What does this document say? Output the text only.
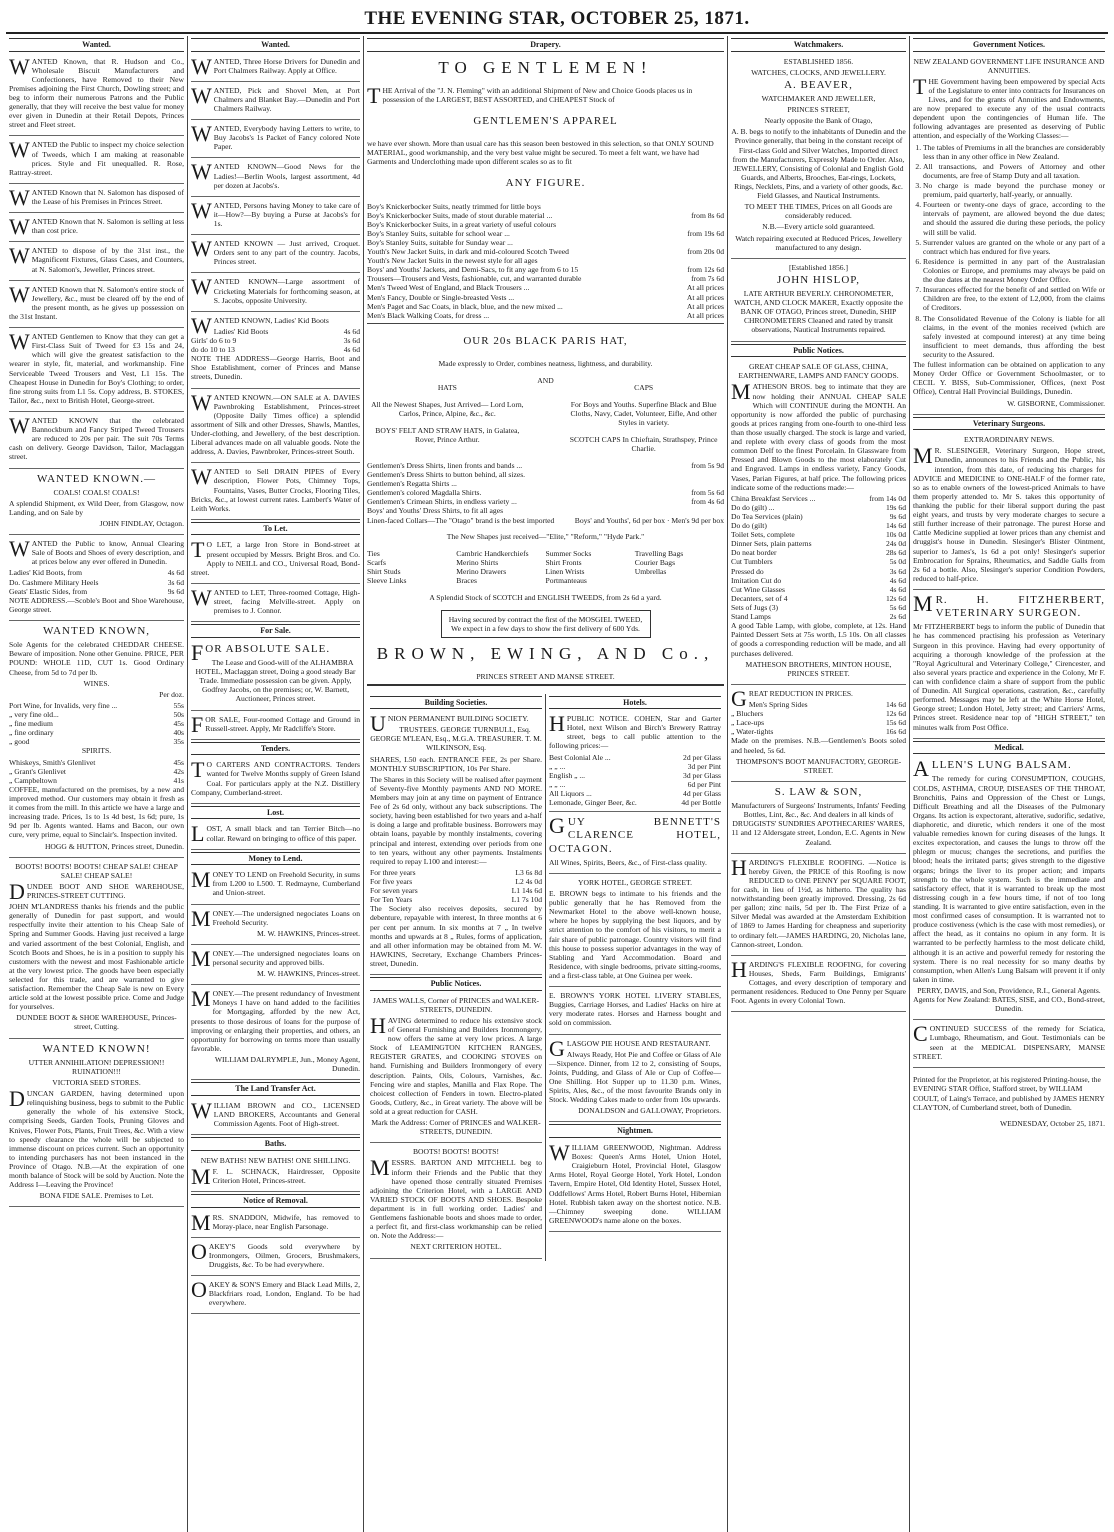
THE EVENING STAR, OCTOBER 25, 1871.
Wanted.

WANTED Known, that R. Hudson and Co., Wholesale Biscuit Manufacturers and Confectioners, have Removed to their New Premises adjoining the First Church, Dowling street; and beg to inform their numerous Patrons and the Public generally, that they will receive the best value for money ever given in Dunedin at their Retail Depots, Princes street and Fleet street.

WANTED the Public to inspect my choice selection of Tweeds, which I am making at reasonable prices. Style and Fit unequalled. R. Rose, Rattray-street.

WANTED Known that N. Salomon has disposed of the Lease of his Premises in Princes Street.

WANTED Known that N. Salomon is selling at less than cost price.

WANTED to dispose of by the 31st inst., the Magnificent Fixtures, Glass Cases, and Counters, at N. Salomon's, Jeweller, Princes street.

WANTED Known that N. Salomon's entire stock of Jewellery, &c., must be cleared off by the end of the present month, as he gives up possession on the 31st Instant.

WANTED Gentlemen to Know that they can get a First-Class Suit of Tweed for £3 15s and 24, which will give the greatest satisfaction to the wearer in style, fit, material, and workmanship. Fine Serviceable Tweed Trousers and Vest, L1 15s. The Cheapest House in Dunedin for Boy's Clothing; to order, fine strong suits from L1 5s. Copy address, B. STOKES, Tailor, &c., next to British Hotel, George-street.

WANTED KNOWN that the celebrated Bannockburn and Fancy Striped Tweed Trousers are reduced to 20s per pair. The suit 70s Terms cash on delivery. George Davidson, Tailor, Maclaggan street.

WANTED KNOWN.—

COALS! COALS! COALS!

A splendid Shipment, ex Wild Deer, from Glasgow, now Landing, and on Sale by

JOHN FINDLAY, Octagon.

WANTED the Public to know, Annual Clearing Sale of Boots and Shoes of every description, and at prices below any ever offered in Dunedin.

Ladies' Kid Boots, from	4s 6d
Do. Cashmere Military Heels	3s 6d
Geats' Elastic Sides, from	9s 6d

NOTE ADDRESS.—Scoble's Boot and Shoe Warehouse, George street.

WANTED KNOWN,

Sole Agents for the celebrated CHEDDAR CHEESE. Beware of imposition. None other Genuine. PRICE, PER POUND: WHOLE 11D, CUT 1s. Good Ordinary Cheese, from 5d to 7d per lb.

WINES.

Per doz.

Port Wine, for Invalids, very fine ...	55s
„ very fine old...	50s
„ fine medium	45s
„ fine ordinary	40s
„ good	35s

SPIRITS.

Whiskeys, Smith's Glenlivet	45s
„ Grant's Glenlivet	42s
„ Campbeltown	41s

COFFEE, manufactured on the premises, by a new and improved method. Our customers may obtain it fresh as it comes from the mill. In this article we have a large and increasing trade. Prices, 1s to 1s 4d best, 1s 6d; pure, 1s 9d per lb. Agents wanted. Hams and Bacon, our own cure, very prime, equal to Sinclair's. Inspection invited.

HOGG & HUTTON, Princes street, Dunedin.

BOOTS! BOOTS! BOOTS! CHEAP SALE! CHEAP SALE! CHEAP SALE!

DUNDEE BOOT AND SHOE WAREHOUSE, PRINCES-STREET CUTTING.

JOHN M'LANDRESS thanks his friends and the public generally of Dunedin for past support, and would respectfully invite their attention to his Cheap Sale of Spring and Summer Goods. Having just received a large and varied assortment of the best Colonial, English, and Scotch Boots and Shoes, he is in a position to supply his customers with the newest and most Fashionable article at the very lowest price. The goods have been especially selected for this trade, and are warranted to give satisfaction. Remember the Cheap Sale is new on Every article sold at the lowest possible price. Come and Judge for yourselves.

DUNDEE BOOT & SHOE WAREHOUSE, Princes-street, Cutting.

WANTED KNOWN!

UTTER ANNIHILATION! DEPRESSION!! RUINATION!!!

VICTORIA SEED STORES.

DUNCAN GARDEN, having determined upon relinquishing business, begs to submit to the Public generally the whole of his extensive Stock, comprising Seeds, Garden Tools, Pruning Gloves and Knives, Flower Pots, Plants, Fruit Trees, &c. With a view to speedy clearance the whole will be subjected to immense discount on prices current. Such an opportunity to intending purchasers has not been instanced in the Province of Otago. N.B.—At the expiration of one month balance of Stock will be sold by Auction. Note the Address I—Leaving the Province!

BONA FIDE SALE. Premises to Let.

Wanted.

WANTED, Three Horse Drivers for Dunedin and Port Chalmers Railway. Apply at Office.

WANTED, Pick and Shovel Men, at Port Chalmers and Blanket Bay.—Dunedin and Port Chalmers Railway.

WANTED, Everybody having Letters to write, to Buy Jacobs's 1s Packet of Fancy colored Note Paper.

WANTED KNOWN—Good News for the Ladies!—Berlin Wools, largest assortment, 4d per dozen at Jacobs's.

WANTED, Persons having Money to take care of it—How?—By buying a Purse at Jacobs's for 1s.

WANTED KNOWN — Just arrived, Croquet. Orders sent to any part of the country. Jacobs, Princes street.

WANTED KNOWN—Large assortment of Cricketing Materials for forthcoming season, at S. Jacobs, opposite University.

WANTED KNOWN, Ladies' Kid Boots

Ladies' Kid Boots	4s 6d
Girls' do 6 to 9	3s 6d
do do 10 to 13	4s 6d

NOTE THE ADDRESS—George Harris, Boot and Shoe Establishment, corner of Princes and Manse streets, Dunedin.

WANTED KNOWN.—ON SALE at A. DAVIES Pawnbroking Establishment, Princes-street (Opposite Daily Times office) a splendid assortment of Silk and other Dresses, Shawls, Mantles, Under-clothing, and Jewellery, of the best description. Liberal advances made on all valuable goods. Note the address, A. Davies, Pawnbroker, Princes-street South.

WANTED to Sell DRAIN PIPES of Every description, Flower Pots, Chimney Tops, Fountains, Vases, Butter Crocks, Flooring Tiles, Bricks, &c., at lowest current rates. Lambert's Water of Leith Works.

To Let.

T O LET, a large Iron Store in Bond-street at present occupied by Messrs. Bright Bros. and Co. Apply to NEILL and CO., Universal Road, Bond-street.

WANTED to LET, Three-roomed Cottage, High-street, facing Melville-street. Apply on premises to J. Connor.

For Sale.

FOR ABSOLUTE SALE.

The Lease and Good-will of the ALHAMBRA HOTEL, Maclaggan street, Doing a good steady Bar Trade. Immediate possession can be given. Apply, Godfrey Jacobs, on the premises; or, W. Barnett, Auctioneer, Princes street.

FOR SALE, Four-roomed Cottage and Ground in Russell-street. Apply, Mr Radcliffe's Store.

Tenders.

T O CARTERS AND CONTRACTORS. Tenders wanted for Twelve Months supply of Green Island Coal. For particulars apply at the N.Z. Distillery Company, Cumberland-street.

Lost.

LOST, A small black and tan Terrier Bitch—no collar. Reward on bringing to office of this paper.

Money to Lend.

MONEY TO LEND on Freehold Security, in sums from L200 to L500. T. Redmayne, Cumberland and Union-street.

MONEY.—The undersigned negociates Loans on Freehold Security.

M. W. HAWKINS, Princes-street.

MONEY.—The undersigned negociates loans on personal security and approved bills.

M. W. HAWKINS, Princes-street.

MONEY.—The present redundancy of Investment Moneys I have on hand added to the facilities for Mortgaging, afforded by the new Act, presents to those desirous of loans for the purpose of improving or enlarging their properties, and others, an opportunity for borrowing on terms more than usually favorable.

WILLIAM DALRYMPLE, Jun., Money Agent, Dunedin.

The Land Transfer Act.

WILLIAM BROWN and CO., LICENSED LAND BROKERS, Accountants and General Commission Agents. Foot of High-street.

Baths.

NEW BATHS! NEW BATHS! ONE SHILLING.

M F. L. SCHNACK, Hairdresser, Opposite Criterion Hotel, Princes-street.

Notice of Removal.

MRS. SNADDON, Midwife, has removed to Moray-place, near English Parsonage.

OAKEY'S Goods sold everywhere by Ironmongers, Oilmen, Grocers, Brushmakers, Druggists, &c. To be had everywhere.

OAKEY & SON'S Emery and Black Lead Mills, 2, Blackfriars road, London, England. To be had everywhere.

Drapery.
TO GENTLEMEN!

THE Arrival of the "J. N. Fleming" with an additional Shipment of New and Choice Goods places us in possession of the LARGEST, BEST ASSORTED, and CHEAPEST Stock of

GENTLEMEN'S APPAREL

we have ever shown. More than usual care has this season been bestowed in this selection, so that ONLY SOUND MATERIAL, good workmanship, and the very best value might be secured. To meet a felt want, we have had Garments and Underclothing made upon different scales so as to fit

ANY FIGURE.

Boy's Knickerbocker Suits, neatly trimmed for little boys
Boy's Knickerbocker Suits, made of stout durable material ...	from 8s 6d
Boy's Knickerbocker Suits, in a great variety of useful colours
Boy's Stanley Suits, suitable for school wear ...	from 19s 6d
Boy's Stanley Suits, suitable for Sunday wear ...
Youth's New Jacket Suits, in dark and mid-coloured Scotch Tweed	from 20s 0d
Youth's New Jacket Suits in the newest style for all ages
Boys' and Youths' Jackets, and Demi-Sacs, to fit any age from 6 to 15	from 12s 6d
Trousers—Trousers and Vests, fashionable, cut, and warranted durable	from 7s 6d
Men's Tweed West of England, and Black Trousers ...	At all prices
Men's Fancy, Double or Single-breasted Vests ...	At all prices
Men's Paget and Sac Coats, in black, blue, and the new mixed ...	At all prices
Men's Black Walking Coats, for dress ...	At all prices

OUR 20s BLACK PARIS HAT,

Made expressly to Order, combines neatness, lightness, and durability.

HATS

All the Newest Shapes, Just Arrived— Lord Lorn, Carlos, Prince, Alpine, &c., &c.

BOYS' FELT AND STRAW HATS, in Galatea, Rover, Prince Arthur.

AND

CAPS

For Boys and Youths. Superfine Black and Blue Cloths, Navy, Cadet, Volunteer, Eifle, And other Styles in variety.

SCOTCH CAPS In Chieftain, Strathspey, Prince Charlie.

Gentlemen's Dress Shirts, linen fronts and bands ...	from 5s 9d
Gentlemen's Dress Shirts to button behind, all sizes.
Gentlemen's Regatta Shirts ...
Gentlemen's colored Magdalla Shirts.	from 5s 6d
Gentlemen's Crimean Shirts, in endless variety ...	from 4s 6d
Boys' and Youths' Dress Shirts, to fit all ages
Linen-faced Collars—The "Otago" brand is the best imported	Boys' and Youths', 6d per box · Men's 9d per box

The New Shapes just received—"Elite," "Reform," "Hyde Park."

Ties	Cambric Handkerchiefs	Summer Socks	Travelling Bags
Scarfs	Merino Shirts	Shirt Fronts	Courier Bags
Shirt Studs	Merino Drawers	Linen Wrists	Umbrellas
Sleeve Links	Braces	Portmanteaus

A Splendid Stock of SCOTCH and ENGLISH TWEEDS, from 2s 6d a yard.

Having secured by contract the first of the MOSGIEL TWEED, We expect in a few days to show the first delivery of 600 Yds.
BROWN, EWING, AND Co.,

PRINCES STREET AND MANSE STREET.

Building Societies.

UNION PERMANENT BUILDING SOCIETY.

TRUSTEES. GEORGE TURNBULL, Esq. GEORGE M'LEAN, Esq., M.G.A. TREASURER. T. M. WILKINSON, Esq.

SHARES, L50 each. ENTRANCE FEE, 2s per Share. MONTHLY SUBSCRIPTION, 10s Per Share.

The Shares in this Society will be realised after payment of Seventy-five Monthly payments AND NO MORE. Members may join at any time on payment of Entrance Fee of 2s 6d only, without any back subscriptions. The society, having been established for two years and a-half is doing a large and profitable business. Borrowers may obtain loans, payable by monthly instalments, covering principal and interest, extending over periods from one to ten years, without any other payments. Instalments required to repay L100 and interest:—

For three years	L3 6s 8d
For five years	L2 4s 0d
For seven years	L1 14s 6d
For Ten Years	L1 7s 10d

The Society also receives deposits, secured by debenture, repayable with interest, In three months at 6 per cent per annum. In six months at 7 „ In twelve months and upwards at 8 „ Rules, forms of application, and all other information may be obtained from M. W. HAWKINS, Secretary, Exchange Chambers Princes-street, Dunedin.

Public Notices.

JAMES WALLS, Corner of PRINCES and WALKER-STREETS, DUNEDIN.

HAVING determined to reduce his extensive stock of General Furnishing and Builders Ironmongery, now offers the same at very low prices. A large Stock of LEAMINGTON KITCHEN RANGES, REGISTER GRATES, and COOKING STOVES on hand. Furnishing and Builders Ironmongery of every description. Paints, Oils, Colours, Varnishes, &c. Fencing wire and staples, Manilla and Flax Rope. The choicest collection of Fenders in town. Electro-plated Goods, Cutlery, &c., in Great variety. The above will be sold at a great reduction for CASH.

Mark the Address: Corner of PRINCES and WALKER-STREETS, DUNEDIN.

BOOTS! BOOTS! BOOTS!

MESSRS. BARTON AND MITCHELL beg to inform their Friends and the Public that they have opened those centrally situated Premises adjoining the Criterion Hotel, with a LARGE AND VARIED STOCK OF BOOTS AND SHOES. Bespoke department is in full working order. Ladies' and Gentlemens fashionable boots and shoes made to order, a perfect fit, and first-class workmanship can be relied on. Note the Address:—

NEXT CRITERION HOTEL.

Hotels.

HPUBLIC NOTICE. COHEN, Star and Garter Hotel, next Wilson and Birch's Brewery Rattray street, begs to call public attention to the following prices:—

Best Colonial Ale ...	2d per Glass
„ „ ...	3d per Pint
English „ ...	3d per Glass
„ „ ...	6d per Pint
All Liquors ...	4d per Glass
Lemonade, Ginger Beer, &c.	4d per Bottle

GUY BENNETT'S CLARENCE HOTEL, OCTAGON.

All Wines, Spirits, Beers, &c., of First-class quality.

YORK HOTEL, GEORGE STREET.

E. BROWN begs to intimate to his friends and the public generally that he has Removed from the Newmarket Hotel to the above well-known house, where he hopes by supplying the best liquors, and by strict attention to the comfort of his visitors, to merit a fair share of public patronage. Country visitors will find this house to possess superior advantages in the way of Stabling and Yard Accommodation. Board and Residence, with single bedrooms, private sitting-rooms, and a first-class table, at One Guinea per week.

E. BROWN'S YORK HOTEL LIVERY STABLES, Buggies, Carriage Horses, and Ladies' Hacks on hire at very moderate rates. Horses and Harness bought and sold on commission.

GLASGOW PIE HOUSE AND RESTAURANT.

Always Ready, Hot Pie and Coffee or Glass of Ale—Sixpence. Dinner, from 12 to 2, consisting of Soups, Joints, Pudding, and Glass of Ale or Cup of Coffee—One Shilling. Hot Supper up to 11.30 p.m. Wines, Spirits, Ales, &c., of the most favourite Brands only in Stock. Wedding Cakes made to order from 10s upwards.

DONALDSON and GALLOWAY, Proprietors.

Nightmen.

WILLIAM GREENWOOD, Nightman. Address Boxes: Queen's Arms Hotel, Union Hotel, Craigieburn Hotel, Provincial Hotel, Glasgow Arms Hotel, Royal George Hotel, York Hotel, London Tavern, Empire Hotel, Old Identity Hotel, Sussex Hotel, Oddfellows' Arms Hotel, Robert Burns Hotel, Hibernian Hotel. Rubbish taken away on the shortest notice. N.B.—Chimney sweeping done. WILLIAM GREENWOOD's name alone on the boxes.

Watchmakers.

ESTABLISHED 1856.

WATCHES, CLOCKS, AND JEWELLERY.

A. BEAVER,

WATCHMAKER AND JEWELLER,

PRINCES STREET,

Nearly opposite the Bank of Otago,

A. B. begs to notify to the inhabitants of Dunedin and the Province generally, that being in the constant receipt of First-class Gold and Silver Watches, Imported direct from the Manufacturers, Expressly Made to Order. Also, JEWELLERY, Consisting of Colonial and English Gold Guards, and Alberts, Brooches, Ear-rings, Lockets, Rings, Necklets, Pins, and a variety of other goods, &c. Field Glasses, and Nautical Instruments.

TO MEET THE TIMES, Prices on all Goods are considerably reduced.

N.B.—Every article sold guaranteed.

Watch repairing executed at Reduced Prices, Jewellery manufactured to any design.

[Established 1856.]

JOHN HISLOP,

LATE ARTHUR BEVERLY. CHRONOMETER, WATCH, AND CLOCK MAKER, Exactly opposite the BANK OF OTAGO, Princes street, Dunedin, SHIP CHRONOMETERS Cleaned and rated by transit observations, Nautical Instruments repaired.

Public Notices.

GREAT CHEAP SALE OF GLASS, CHINA, EARTHENWARE, LAMPS AND FANCY GOODS.

MATHESON BROS. beg to intimate that they are now holding their ANNUAL CHEAP SALE Which will CONTINUE during the MONTH. An opportunity is now afforded the public of purchasing goods at prices ranging from one-fourth to one-third less than those usually charged. The stock is large and varied, and replete with every class of goods from the most common Delf to the finest Porcelain. In Glassware from Pressed and Blown Goods to the most elaborately Cut and Engraved. Lamps in endless variety, Fancy Goods, Vases, Parian Figures, at half price. The following prices indicate some of the reductions made:—

China Breakfast Services ...	from 14s 0d
Do do (gilt) ...	19s 6d
Do Tea Services (plain)	9s 6d
Do do (gilt)	14s 6d
Toilet Sets, complete	10s 0d
Dinner Sets, plain patterns	24s 0d
Do neat border	28s 6d
Cut Tumblers	5s 0d
Pressed do	3s 6d
Imitation Cut do	4s 6d
Cut Wine Glasses	4s 6d
Decanters, set of 4	12s 6d
Sets of Jugs (3)	5s 6d
Stand Lamps	2s 6d

A good Table Lamp, with globe, complete, at 12s. Hand Painted Dessert Sets at 75s worth, L5 10s. On all classes of goods a corresponding reduction will be made, and all purchases delivered.

MATHESON BROTHERS, MINTON HOUSE, PRINCES STREET.

GREAT REDUCTION IN PRICES.

Men's Spring Sides	14s 6d
„ Bluchers	12s 6d
„ Lace-ups	15s 6d
„ Water-tights	16s 6d

Made on the premises. N.B.—Gentlemen's Boots soled and heeled, 5s 6d.

THOMPSON'S BOOT MANUFACTORY, GEORGE-STREET.

S. LAW & SON,

Manufacturers of Surgeons' Instruments, Infants' Feeding Bottles, Lint, &c., &c. And dealers in all kinds of DRUGGISTS' SUNDRIES APOTHECARIES' WARES, 11 and 12 Aldersgate street, London, E.C. Agents in New Zealand.

HARDING'S FLEXIBLE ROOFING. —Notice is hereby Given, the PRICE of this Roofing is now REDUCED to ONE PENNY per SQUARE FOOT, for cash, in lieu of 1½d, as hitherto. The quality has notwithstanding been greatly improved. Dressing, 2s 6d per gallon; zinc nails, 5d per lb. The First Prize of a Silver Medal was awarded at the Amsterdam Exhibition of 1869 to James Harding for cheapness and superiority to ordinary felt.—JAMES HARDING, 20, Nicholas lane, Cannon-street, London.

HARDING'S FLEXIBLE ROOFING, for covering Houses, Sheds, Farm Buildings, Emigrants' Cottages, and every description of temporary and permanent residences. Reduced to One Penny per Square Foot. Agents in every Colonial Town.

Government Notices.

NEW ZEALAND GOVERNMENT LIFE INSURANCE AND ANNUITIES.

THE Government having been empowered by special Acts of the Legislature to enter into contracts for Insurances on Lives, and for the grants of Annuities and Endowments, are now prepared to execute any of the usual contracts dependent upon the contingencies of Human life. The following advantages are presented as deserving of Public attention, and especially of the Working Classes:—

1. The tables of Premiums in all the branches are considerably less than in any other office in New Zealand.
2. All transactions, and Powers of Attorney and other documents, are free of Stamp Duty and all taxation.
3. No charge is made beyond the purchase money or premium, paid quarterly, half-yearly, or annually.
4. Fourteen or twenty-one days of grace, according to the intervals of payment, are allowed beyond the due dates; and should the assured die during these periods, the policy will still be valid.
5. Surrender values are granted on the whole or any part of a contract which has endured for five years.
6. Residence is permitted in any part of the Australasian Colonies or Europe, and premiums may always be paid on the due dates at the nearest Money Order Office.
7. Insurances effected for the benefit of and settled on Wife or Children are free, to the extent of L2,000, from the claims of Creditors.
8. The Consolidated Revenue of the Colony is liable for all claims, in the event of the monies received (which are safely invested at compound interest) at any time being insufficient to meet demands, thus affording the best security to the Assured.

The fullest information can be obtained on application to any Money Order Office or Government Schoolmaster, or to CECIL Y. BISS, Sub-Commissioner, Offices, (next Post Office), Central Hall Provincial Buildings, Dunedin.

W. GISBORNE, Commissioner.

Veterinary Surgeons.

EXTRAORDINARY NEWS.

M R. SLESINGER, Veterinary Surgeon, Hope street, Dunedin, announces to his Friends and the Public, his intention, from this date, of reducing his charges for ADVICE and MEDICINE to ONE-HALF of the former rate, so as to enable owners of the lowest-priced Animals to have them properly attended to. Mr S. takes this opportunity of thanking the public for their liberal support during the past eight years, and trusts by very moderate charges to secure a still further increase of their patronage. The purest Horse and Cattle Medicine supplied at lower prices than any chemist and druggist's house in Dunedin. Slesinger's Blister Ointment, superior to James's, 1s 6d a pot only! Slesinger's superior Embrocation for Sprains, Rheumatics, and Saddle Galls from 2s 6d a bottle. Also, Slesinger's superior Condition Powders, reduced to half-price.

M R. H. FITZHERBERT, VETERINARY SURGEON.

Mr FITZHERBERT begs to inform the public of Dunedin that he has commenced practising his profession as Veterinary Surgeon in this province. Having had every opportunity of acquiring a thorough knowledge of the profession at the "Royal Agricultural and Veterinary College," Cirencester, and also several years practice and experience in the Colony, Mr F. can with confidence claim a share of support from the public of Dunedin. All Surgical operations, castration, &c., carefully performed. Messages may be left at the White Horse Hotel, George street; London Hotel, Jetty street; and Carriers' Arms, Princes street. Residence near top of "HIGH STREET," ten minutes walk from Post Office.

Medical.

ALLEN'S LUNG BALSAM.

The remedy for curing CONSUMPTION, COUGHS, COLDS, ASTHMA, CROUP, DISEASES OF THE THROAT, Bronchitis, Pains and Oppression of the Chest or Lungs, Difficult Breathing and all the Diseases of the Pulmonary Organs. Its action is expectorant, alterative, sudorific, sedative, diaphoretic, and diuretic, which renders it one of the most valuable remedies known for curing diseases of the lungs. It excites expectoration, and causes the lungs to throw off the phlegm or mucus; changes the secretions, and purifies the blood; heals the irritated parts; gives strength to the digestive organs; brings the liver to its proper action; and imparts strength to the whole system. Such is the immediate and satisfactory effect, that it is warranted to break up the most distressing cough in a few hours time, if not of too long standing. It is warranted to give entire satisfaction, even in the most confirmed cases of consumption. It is warranted not to produce costiveness (which is the case with most remedies), or affect the head, as it contains no opium in any form. It is warranted to be perfectly harmless to the most delicate child, although it is an active and powerful remedy for restoring the system. There is no real necessity for so many deaths by consumption, when Allen's Lung Balsam will prevent it if only taken in time.

PERRY, DAVIS, and Son, Providence, R.I., General Agents. Agents for New Zealand: BATES, SISE, and CO., Bond-street, Dunedin.

CONTINUED SUCCESS of the remedy for Sciatica, Lumbago, Rheumatism, and Gout. Testimonials can be seen at the MEDICAL DISPENSARY, MANSE STREET.

Printed for the Proprietor, at his registered Printing-house, the EVENING STAR Office, Stafford street, by WILLIAM COULT, of Laing's Terrace, and published by JAMES HENRY CLAYTON, of Cumberland street, both of Dunedin.

WEDNESDAY, October 25, 1871.
